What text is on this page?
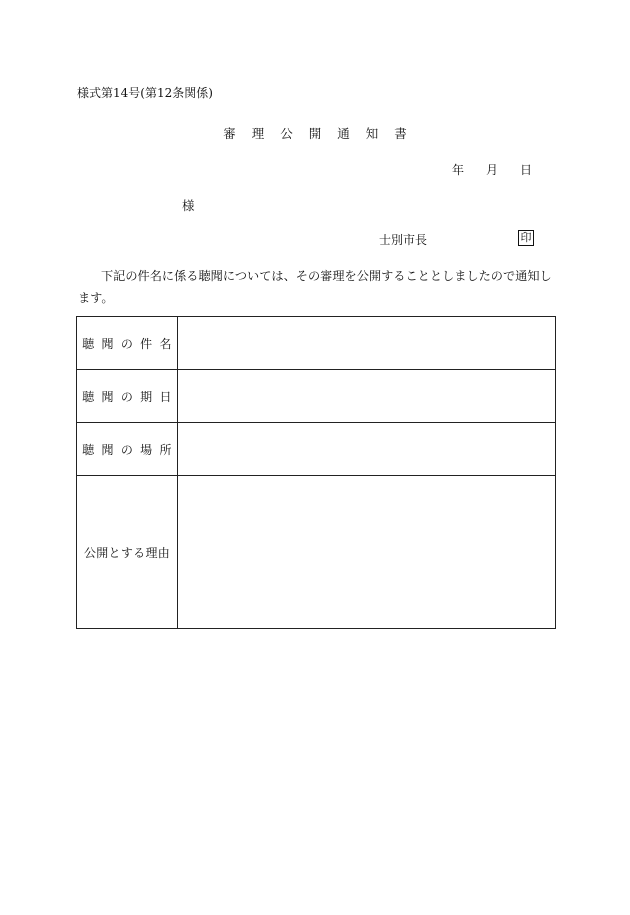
様式第14号(第12条関係)
審 理 公 開 通 知 書
年 月 日
様
士別市長	印
下記の件名に係る聴聞については、その審理を公開することとしましたので通知します。
聴 聞 の 件 名	
聴 聞 の 期 日	
聴 聞 の 場 所	
公開とする理由	
